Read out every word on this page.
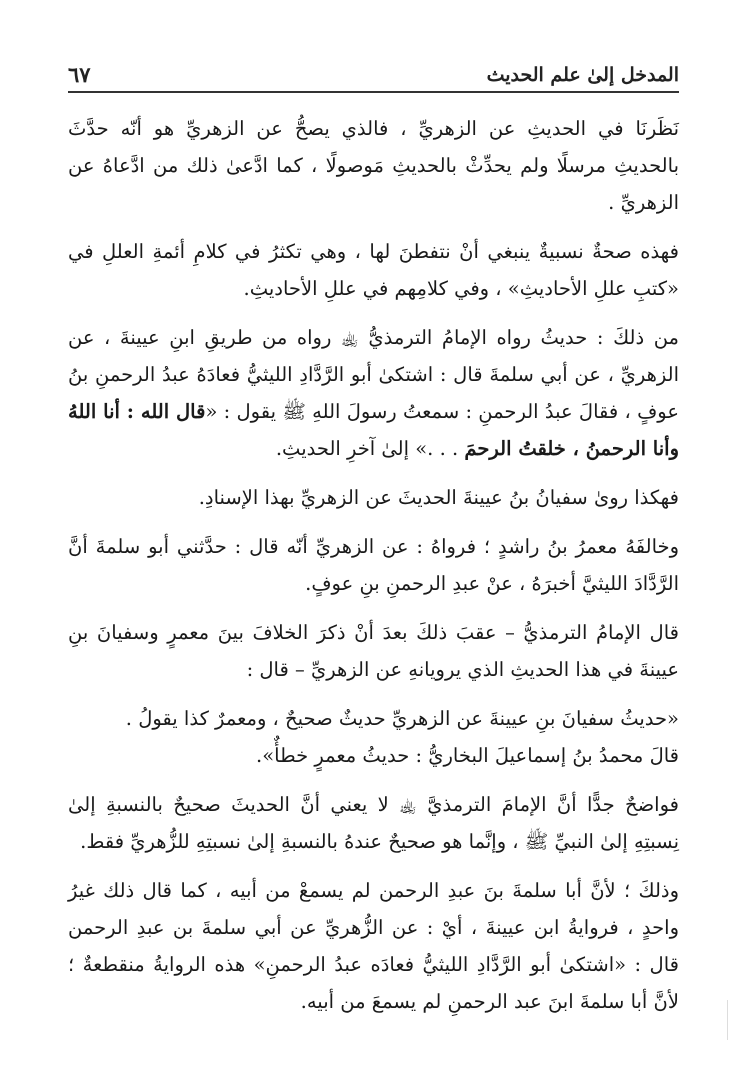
المدخل إلىٰ علم الحديث
٦٧
نَظَرنَا في الحديثِ عن الزهريِّ ، فالذي يصحُّ عن الزهريِّ هو أنّه حدَّثَ بالحديثِ مرسلًا ولم يحدِّثْ بالحديثِ مَوصولًا ، كما ادَّعىٰ ذلك من ادَّعاهُ عن الزهريِّ .
فهذه صحةٌ نسبيةٌ ينبغي أنْ نتفطنَ لها ، وهي تكثرُ في كلامِ أئمةِ العللِ في «كتبِ عللِ الأحاديثِ» ، وفي كلامِهم في عللِ الأحاديثِ.
من ذلكَ : حديثُ رواه الإمامُ الترمذيُّ ﵀ رواه من طريقِ ابنِ عيينةَ ، عن الزهريِّ ، عن أبي سلمةَ قال : اشتكىٰ أبو الرَّدَّادِ الليثيُّ فعادَهُ عبدُ الرحمنِ بنُ عوفٍ ، فقالَ عبدُ الرحمنِ : سمعتُ رسولَ اللهِ ﷺ يقول : «قال الله : أنا اللهُ وأنا الرحمنُ ، خلقتُ الرحمَ . . .» إلىٰ آخرِ الحديثِ.
فهكذا روىٰ سفيانُ بنُ عيينةَ الحديثَ عن الزهريِّ بهذا الإسنادِ.
وخالفَهُ معمرُ بنُ راشدٍ ؛ فرواهُ : عن الزهريِّ أنّه قال : حدَّثني أبو سلمةَ أنَّ الرَّدَّادَ الليثيَّ أخبرَهُ ، عنْ عبدِ الرحمنِ بنِ عوفٍ.
قال الإمامُ الترمذيُّ – عقبَ ذلكَ بعدَ أنْ ذكرَ الخلافَ بينَ معمرٍ وسفيانَ بنِ عيينةَ في هذا الحديثِ الذي يرويانهِ عن الزهريِّ – قال :

«حديثُ سفيانَ بنِ عيينةَ عن الزهريِّ حديثٌ صحيحٌ ، ومعمرٌ كذا يقولُ .

قالَ محمدُ بنُ إسماعيلَ البخاريُّ : حديثُ معمرٍ خطأٌ».

فواضحٌ جدًّا أنَّ الإمامَ الترمذيَّ ﵀ لا يعني أنَّ الحديثَ صحيحٌ بالنسبةِ إلىٰ نِسبتِهِ إلىٰ النبيِّ ﷺ ، وإنَّما هو صحيحٌ عندهُ بالنسبةِ إلىٰ نسبتِهِ للزُّهريِّ فقط.
وذلكَ ؛ لأنَّ أبا سلمةَ بنَ عبدِ الرحمن لم يسمعْ من أبيه ، كما قال ذلك غيرُ واحدٍ ، فروايةُ ابن عيينةَ ، أيْ : عن الزُّهريِّ عن أبي سلمةَ بن عبدِ الرحمن قال : «اشتكىٰ أبو الرَّدَّادِ الليثيُّ فعادَه عبدُ الرحمنِ» هذه الروايةُ منقطعةٌ ؛ لأنَّ أبا سلمةَ ابنَ عبد الرحمنِ لم يسمعَ من أبيه.
